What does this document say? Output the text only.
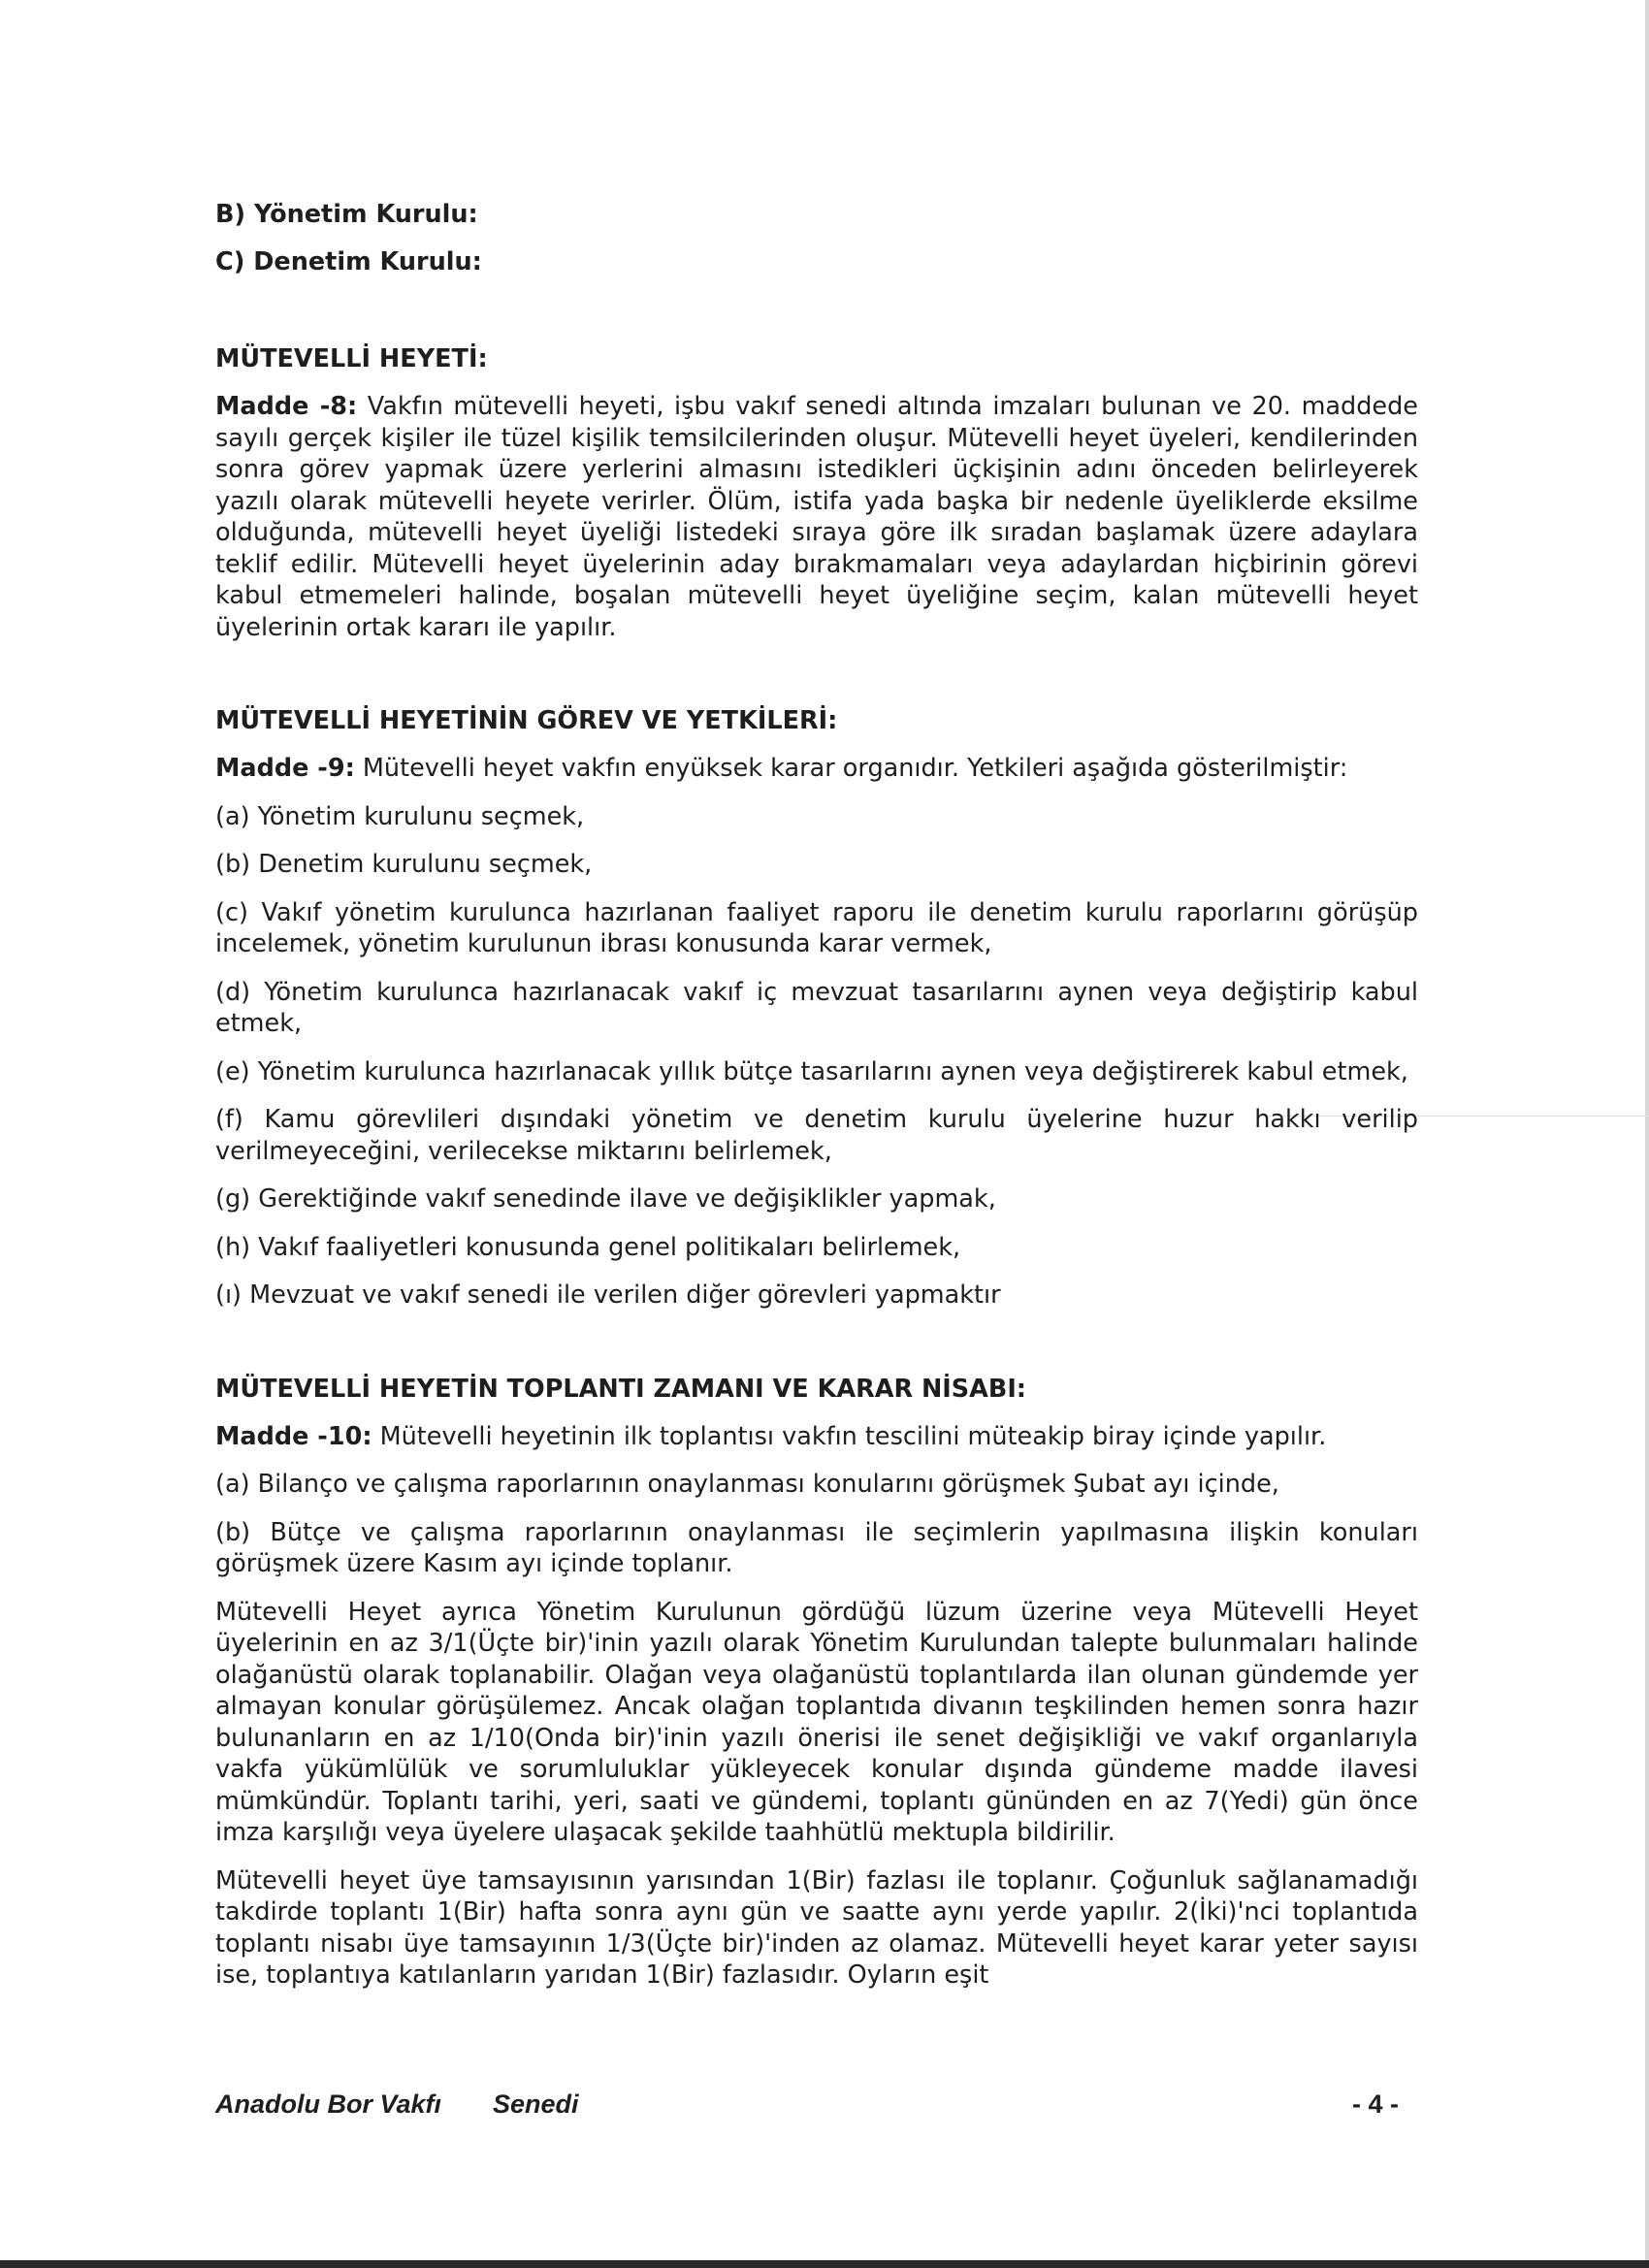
B) Yönetim Kurulu:

C) Denetim Kurulu:

MÜTEVELLİ HEYETİ:

Madde -8: Vakfın mütevelli heyeti, işbu vakıf senedi altında imzaları bulunan ve 20. maddede sayılı gerçek kişiler ile tüzel kişilik temsilcilerinden oluşur. Mütevelli heyet üyeleri, kendilerinden sonra görev yapmak üzere yerlerini almasını istedikleri üçkişinin adını önceden belirleyerek yazılı olarak mütevelli heyete verirler. Ölüm, istifa yada başka bir nedenle üyeliklerde eksilme olduğunda, mütevelli heyet üyeliği listedeki sıraya göre ilk sıradan başlamak üzere adaylara teklif edilir. Mütevelli heyet üyelerinin aday bırakmamaları veya adaylardan hiçbirinin görevi kabul etmemeleri halinde, boşalan mütevelli heyet üyeliğine seçim, kalan mütevelli heyet üyelerinin ortak kararı ile yapılır.

MÜTEVELLİ HEYETİNİN GÖREV VE YETKİLERİ:

Madde -9: Mütevelli heyet vakfın enyüksek karar organıdır. Yetkileri aşağıda gösterilmiştir:

(a) Yönetim kurulunu seçmek,

(b) Denetim kurulunu seçmek,

(c) Vakıf yönetim kurulunca hazırlanan faaliyet raporu ile denetim kurulu raporlarını görüşüp incelemek, yönetim kurulunun ibrası konusunda karar vermek,

(d) Yönetim kurulunca hazırlanacak vakıf iç mevzuat tasarılarını aynen veya değiştirip kabul etmek,

(e) Yönetim kurulunca hazırlanacak yıllık bütçe tasarılarını aynen veya değiştirerek kabul etmek,

(f) Kamu görevlileri dışındaki yönetim ve denetim kurulu üyelerine huzur hakkı verilip verilmeyeceğini, verilecekse miktarını belirlemek,

(g) Gerektiğinde vakıf senedinde ilave ve değişiklikler yapmak,

(h) Vakıf faaliyetleri konusunda genel politikaları belirlemek,

(ı) Mevzuat ve vakıf senedi ile verilen diğer görevleri yapmaktır

MÜTEVELLİ HEYETİN TOPLANTI ZAMANI VE KARAR NİSABI:

Madde -10: Mütevelli heyetinin ilk toplantısı vakfın tescilini müteakip biray içinde yapılır.

(a) Bilanço ve çalışma raporlarının onaylanması konularını görüşmek Şubat ayı içinde,

(b) Bütçe ve çalışma raporlarının onaylanması ile seçimlerin yapılmasına ilişkin konuları görüşmek üzere Kasım ayı içinde toplanır.

Mütevelli Heyet ayrıca Yönetim Kurulunun gördüğü lüzum üzerine veya Mütevelli Heyet üyelerinin en az 3/1(Üçte bir)'inin yazılı olarak Yönetim Kurulundan talepte bulunmaları halinde olağanüstü olarak toplanabilir. Olağan veya olağanüstü toplantılarda ilan olunan gündemde yer almayan konular görüşülemez. Ancak olağan toplantıda divanın teşkilinden hemen sonra hazır bulunanların en az 1/10(Onda bir)'inin yazılı önerisi ile senet değişikliği ve vakıf organlarıyla vakfa yükümlülük ve sorumluluklar yükleyecek konular dışında gündeme madde ilavesi mümkündür. Toplantı tarihi, yeri, saati ve gündemi, toplantı gününden en az 7(Yedi) gün önce imza karşılığı veya üyelere ulaşacak şekilde taahhütlü mektupla bildirilir.

Mütevelli heyet üye tamsayısının yarısından 1(Bir) fazlası ile toplanır. Çoğunluk sağlanamadığı takdirde toplantı 1(Bir) hafta sonra aynı gün ve saatte aynı yerde yapılır. 2(İki)'nci toplantıda toplantı nisabı üye tamsayının 1/3(Üçte bir)'inden az olamaz. Mütevelli heyet karar yeter sayısı ise, toplantıya katılanların yarıdan 1(Bir) fazlasıdır. Oyların eşit

Anadolu Bor Vakfı Senedi	- 4 -
